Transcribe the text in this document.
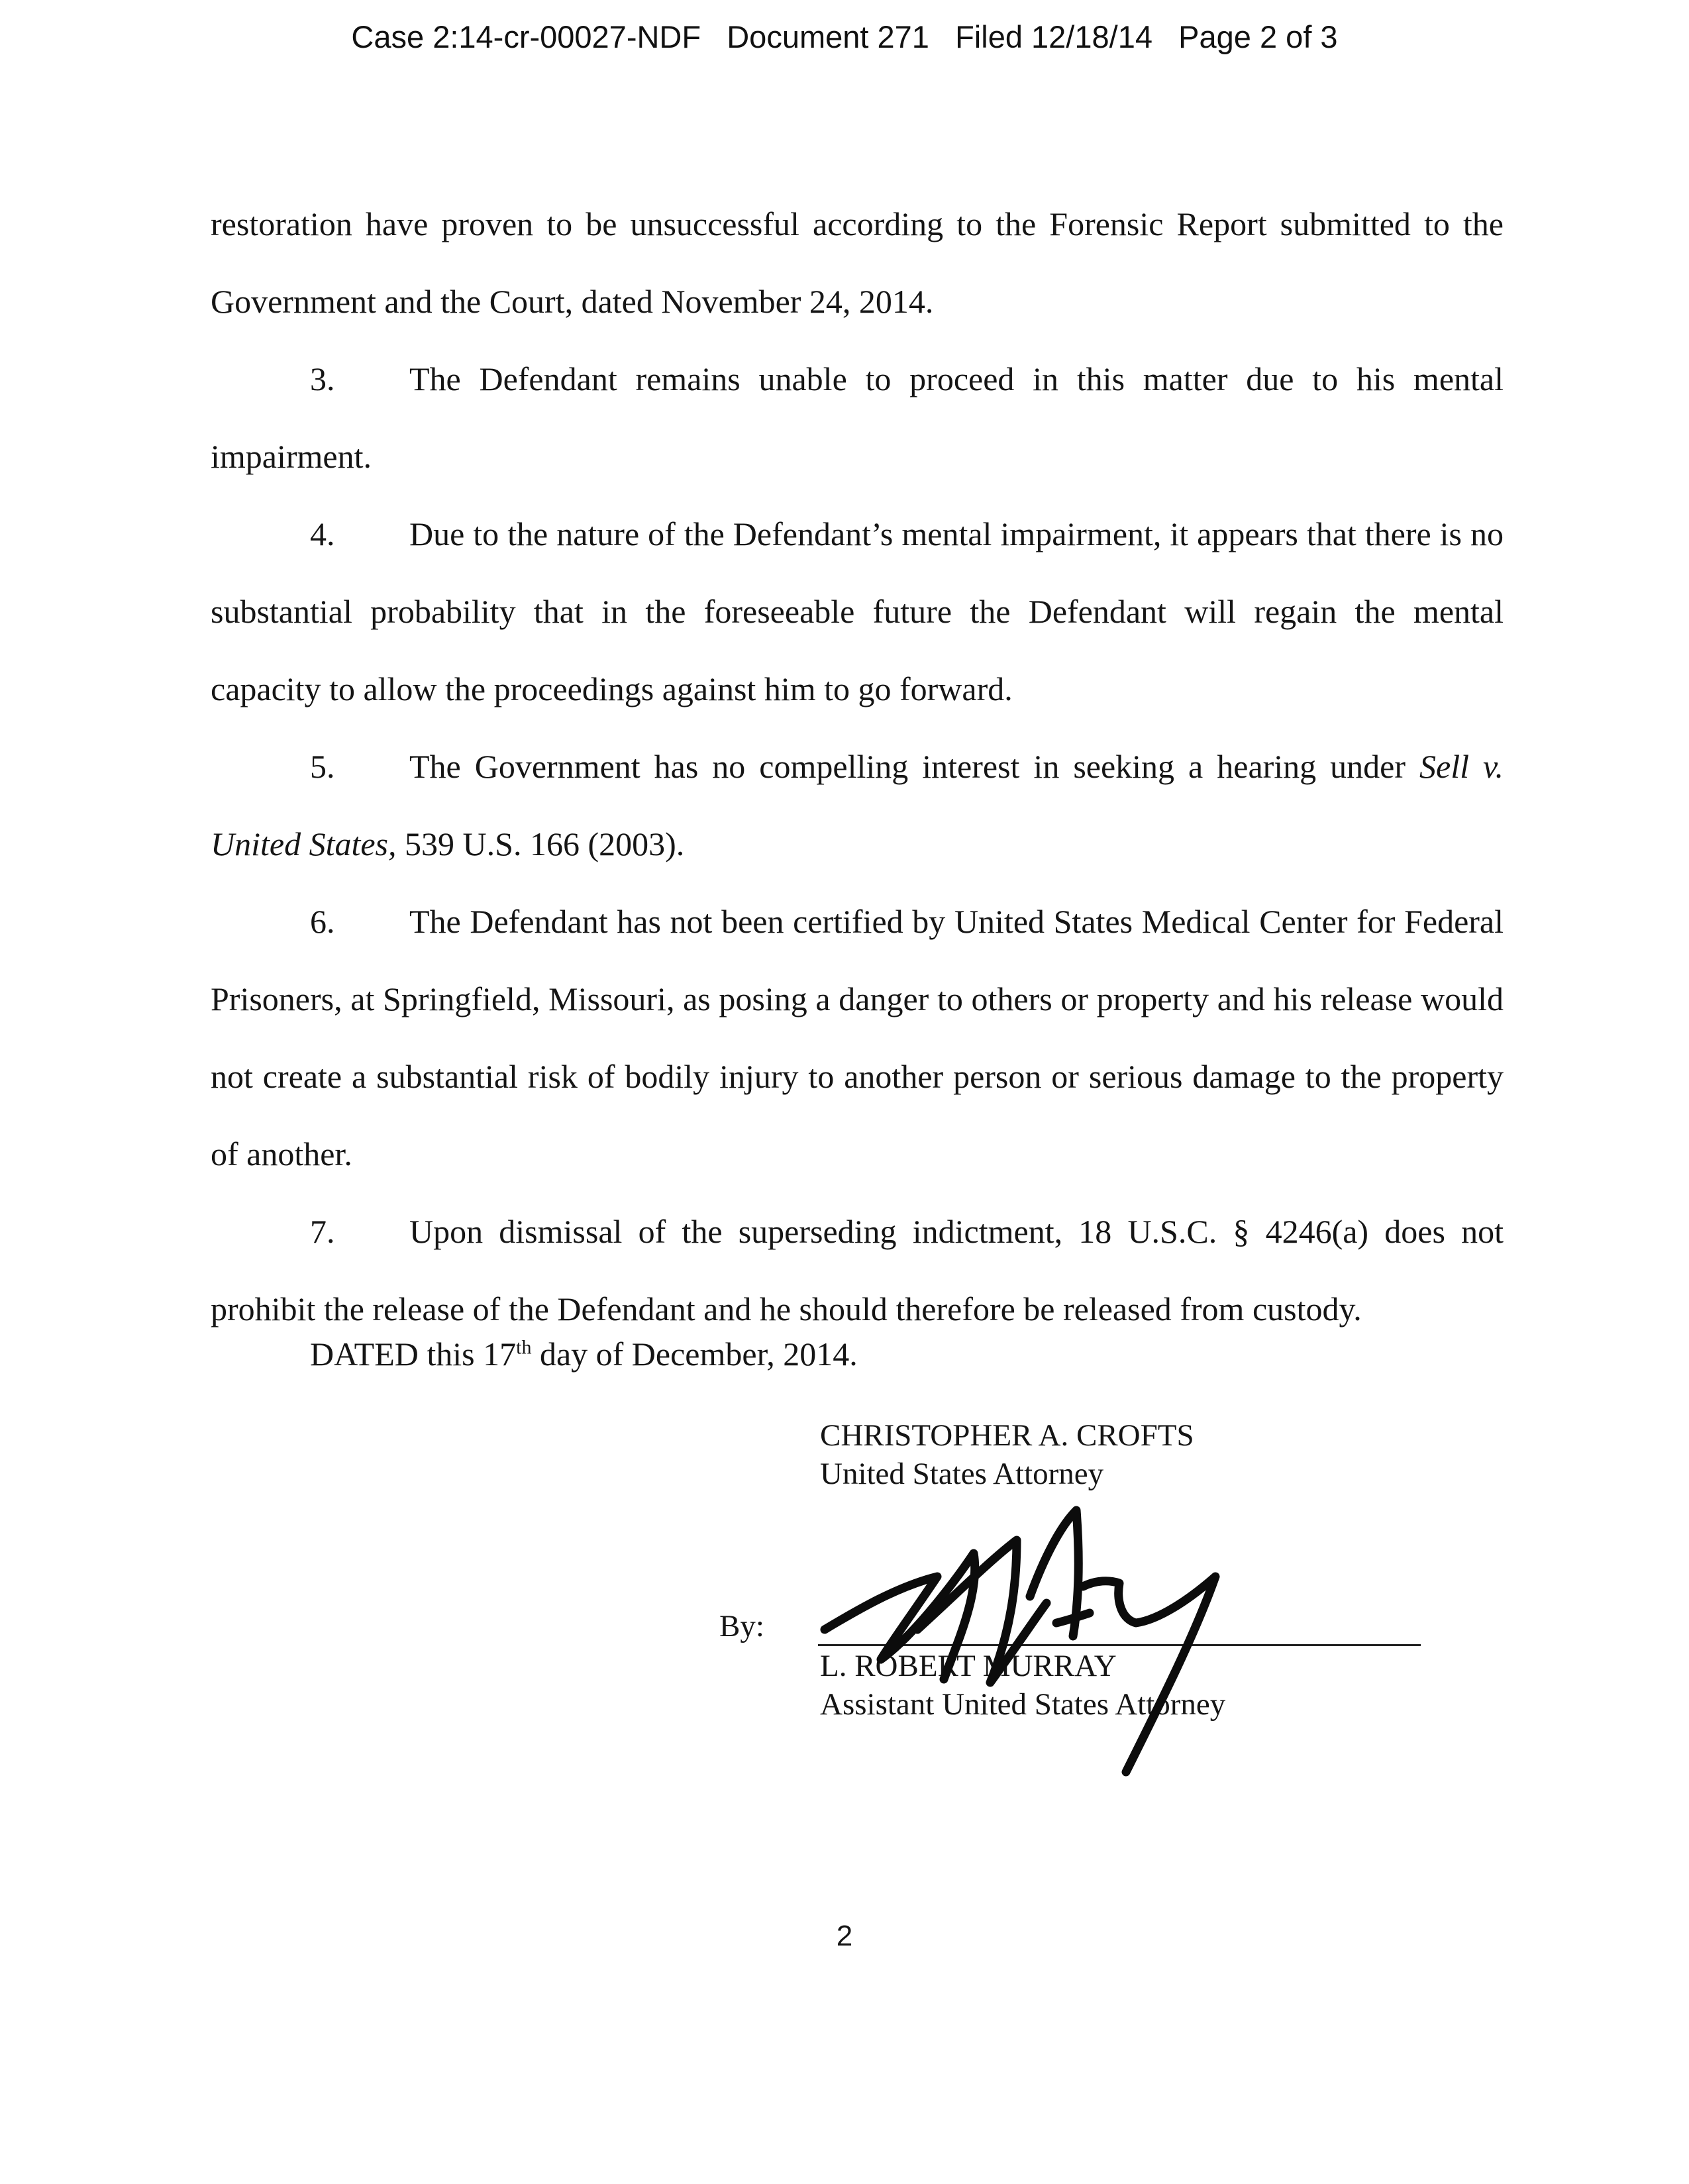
Case 2:14-cr-00027-NDF   Document 271   Filed 12/18/14   Page 2 of 3

restoration have proven to be unsuccessful according to the Forensic Report submitted to the Government and the Court, dated November 24, 2014.

3. The Defendant remains unable to proceed in this matter due to his mental impairment.

4. Due to the nature of the Defendant’s mental impairment, it appears that there is no substantial probability that in the foreseeable future the Defendant will regain the mental capacity to allow the proceedings against him to go forward.

5. The Government has no compelling interest in seeking a hearing under Sell v. United States, 539 U.S. 166 (2003).

6. The Defendant has not been certified by United States Medical Center for Federal Prisoners, at Springfield, Missouri, as posing a danger to others or property and his release would not create a substantial risk of bodily injury to another person or serious damage to the property of another.

7. Upon dismissal of the superseding indictment, 18 U.S.C. § 4246(a) does not prohibit the release of the Defendant and he should therefore be released from custody.

DATED this 17th day of December, 2014.
CHRISTOPHER A. CROFTS
United States Attorney
By:
L. ROBERT MURRAY
Assistant United States Attorney
2
